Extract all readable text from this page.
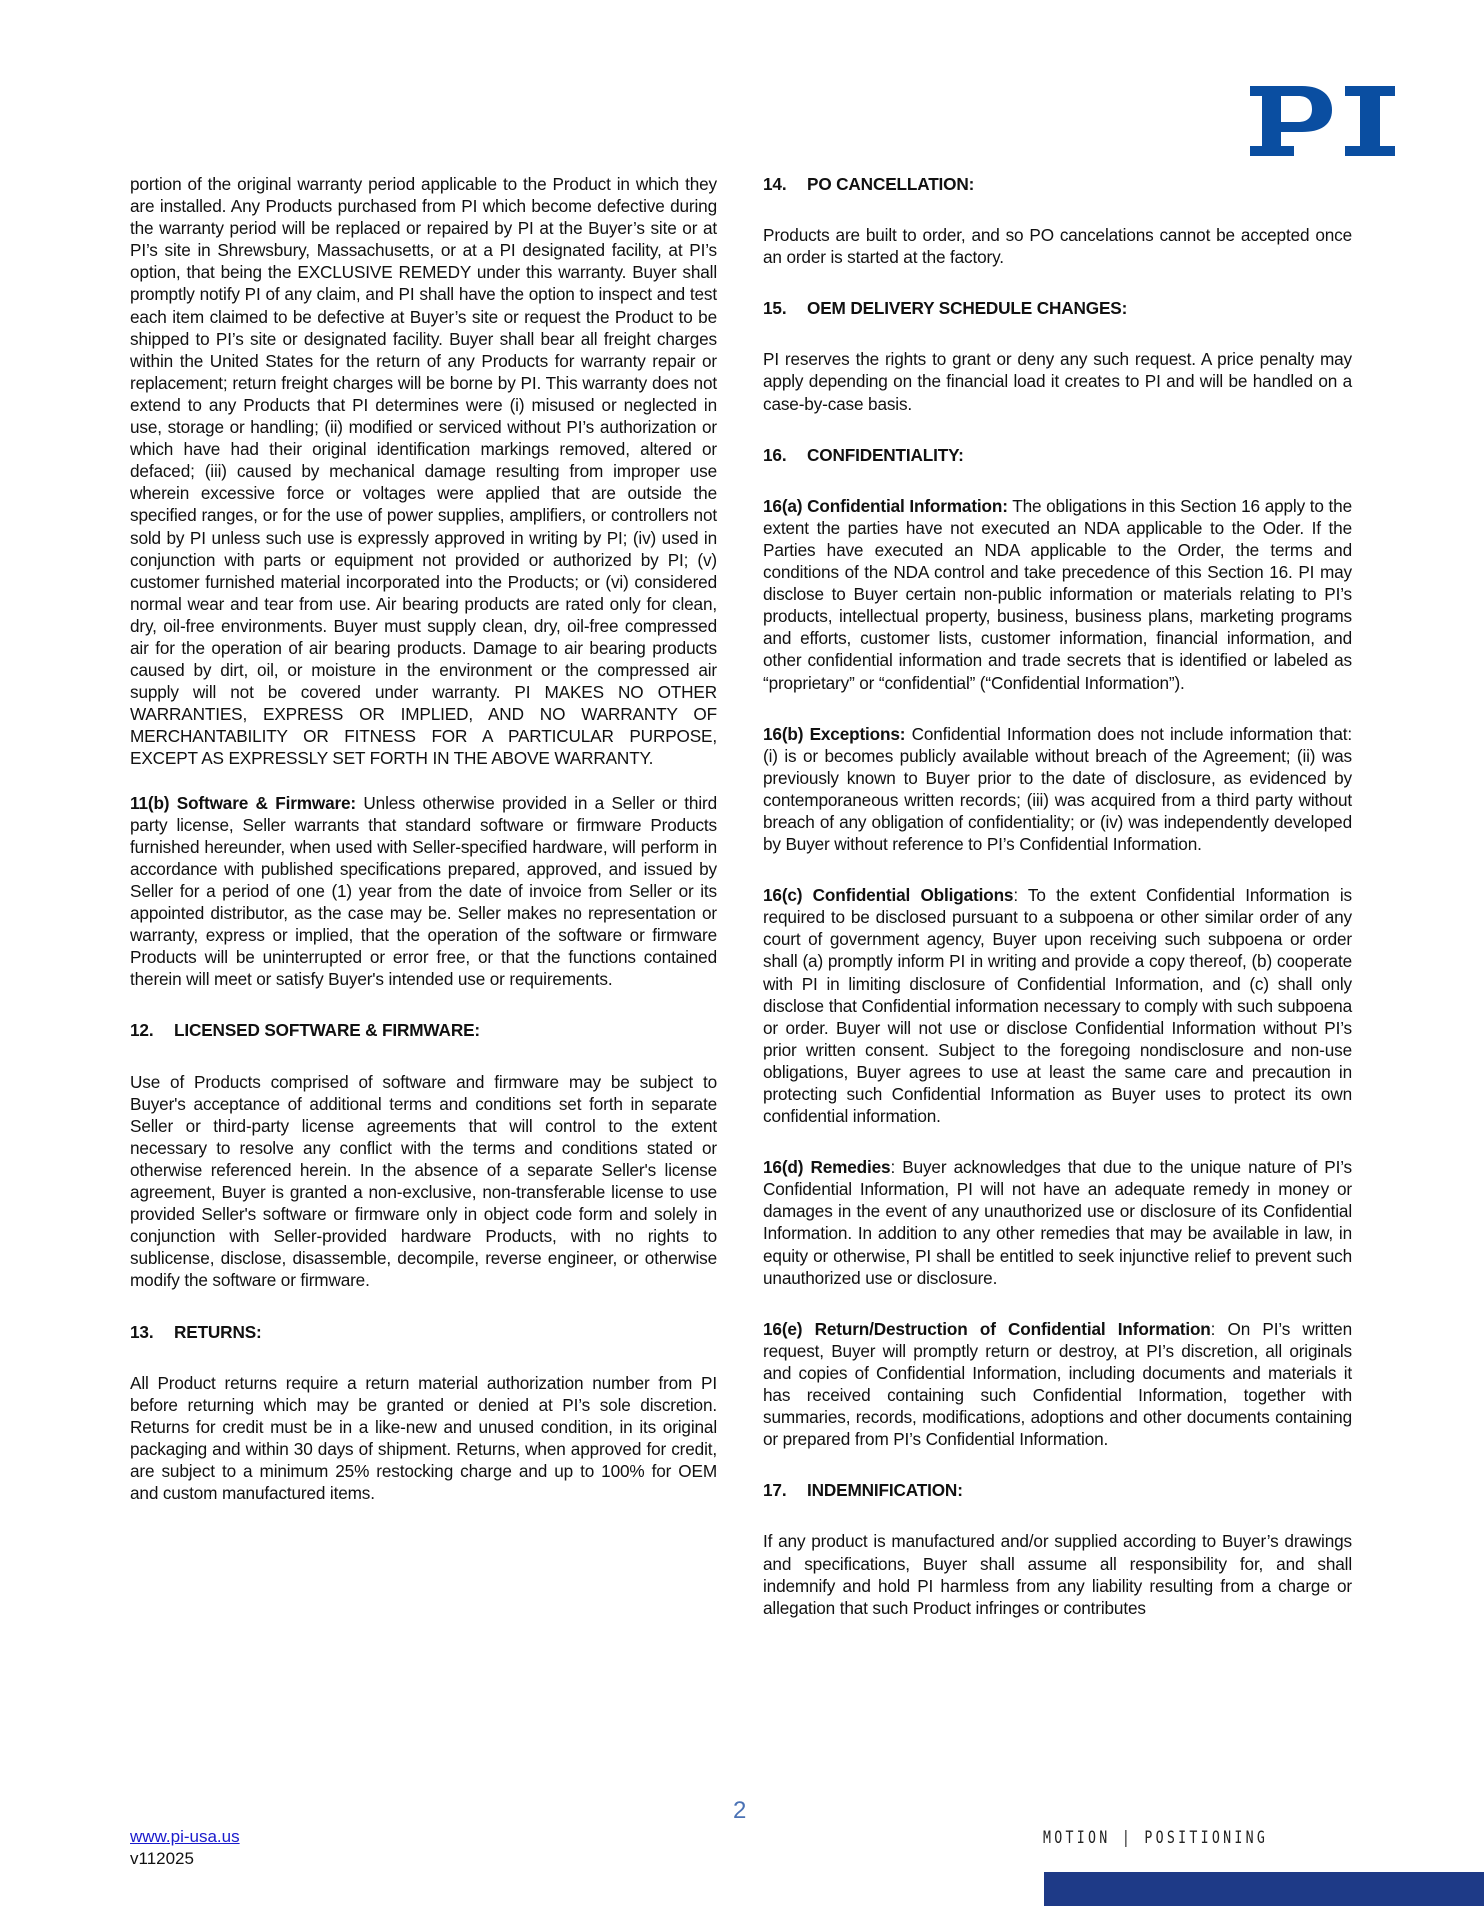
portion of the original warranty period applicable to the Product in which they are installed. Any Products purchased from PI which become defective during the warranty period will be replaced or repaired by PI at the Buyer’s site or at PI’s site in Shrewsbury, Massachusetts, or at a PI designated facility, at PI’s option, that being the EXCLUSIVE REMEDY under this warranty. Buyer shall promptly notify PI of any claim, and PI shall have the option to inspect and test each item claimed to be defective at Buyer’s site or request the Product to be shipped to PI’s site or designated facility. Buyer shall bear all freight charges within the United States for the return of any Products for warranty repair or replacement; return freight charges will be borne by PI. This warranty does not extend to any Products that PI determines were (i) misused or neglected in use, storage or handling; (ii) modified or serviced without PI’s authorization or which have had their original identification markings removed, altered or defaced; (iii) caused by mechanical damage resulting from improper use wherein excessive force or voltages were applied that are outside the specified ranges, or for the use of power supplies, amplifiers, or controllers not sold by PI unless such use is expressly approved in writing by PI; (iv) used in conjunction with parts or equipment not provided or authorized by PI; (v) customer furnished material incorporated into the Products; or (vi) considered normal wear and tear from use. Air bearing products are rated only for clean, dry, oil-free environments. Buyer must supply clean, dry, oil-free compressed air for the operation of air bearing products. Damage to air bearing products caused by dirt, oil, or moisture in the environment or the compressed air supply will not be covered under warranty. PI MAKES NO OTHER WARRANTIES, EXPRESS OR IMPLIED, AND NO WARRANTY OF MERCHANTABILITY OR FITNESS FOR A PARTICULAR PURPOSE, EXCEPT AS EXPRESSLY SET FORTH IN THE ABOVE WARRANTY.

11(b) Software & Firmware: Unless otherwise provided in a Seller or third party license, Seller warrants that standard software or firmware Products furnished hereunder, when used with Seller-specified hardware, will perform in accordance with published specifications prepared, approved, and issued by Seller for a period of one (1) year from the date of invoice from Seller or its appointed distributor, as the case may be. Seller makes no representation or warranty, express or implied, that the operation of the software or firmware Products will be uninterrupted or error free, or that the functions contained therein will meet or satisfy Buyer's intended use or requirements.

12. LICENSED SOFTWARE & FIRMWARE:

Use of Products comprised of software and firmware may be subject to Buyer's acceptance of additional terms and conditions set forth in separate Seller or third-party license agreements that will control to the extent necessary to resolve any conflict with the terms and conditions stated or otherwise referenced herein. In the absence of a separate Seller's license agreement, Buyer is granted a non-exclusive, non-transferable license to use provided Seller's software or firmware only in object code form and solely in conjunction with Seller-provided hardware Products, with no rights to sublicense, disclose, disassemble, decompile, reverse engineer, or otherwise modify the software or firmware.

13. RETURNS:

All Product returns require a return material authorization number from PI before returning which may be granted or denied at PI’s sole discretion. Returns for credit must be in a like-new and unused condition, in its original packaging and within 30 days of shipment. Returns, when approved for credit, are subject to a minimum 25% restocking charge and up to 100% for OEM and custom manufactured items.

14. PO CANCELLATION:

Products are built to order, and so PO cancelations cannot be accepted once an order is started at the factory.

15. OEM DELIVERY SCHEDULE CHANGES:

PI reserves the rights to grant or deny any such request. A price penalty may apply depending on the financial load it creates to PI and will be handled on a case-by-case basis.

16. CONFIDENTIALITY:

16(a) Confidential Information: The obligations in this Section 16 apply to the extent the parties have not executed an NDA applicable to the Oder. If the Parties have executed an NDA applicable to the Order, the terms and conditions of the NDA control and take precedence of this Section 16. PI may disclose to Buyer certain non-public information or materials relating to PI’s products, intellectual property, business, business plans, marketing programs and efforts, customer lists, customer information, financial information, and other confidential information and trade secrets that is identified or labeled as “proprietary” or “confidential” (“Confidential Information”).

16(b) Exceptions: Confidential Information does not include information that: (i) is or becomes publicly available without breach of the Agreement; (ii) was previously known to Buyer prior to the date of disclosure, as evidenced by contemporaneous written records; (iii) was acquired from a third party without breach of any obligation of confidentiality; or (iv) was independently developed by Buyer without reference to PI’s Confidential Information.

16(c) Confidential Obligations: To the extent Confidential Information is required to be disclosed pursuant to a subpoena or other similar order of any court of government agency, Buyer upon receiving such subpoena or order shall (a) promptly inform PI in writing and provide a copy thereof, (b) cooperate with PI in limiting disclosure of Confidential Information, and (c) shall only disclose that Confidential information necessary to comply with such subpoena or order. Buyer will not use or disclose Confidential Information without PI’s prior written consent. Subject to the foregoing nondisclosure and non-use obligations, Buyer agrees to use at least the same care and precaution in protecting such Confidential Information as Buyer uses to protect its own confidential information.

16(d) Remedies: Buyer acknowledges that due to the unique nature of PI’s Confidential Information, PI will not have an adequate remedy in money or damages in the event of any unauthorized use or disclosure of its Confidential Information. In addition to any other remedies that may be available in law, in equity or otherwise, PI shall be entitled to seek injunctive relief to prevent such unauthorized use or disclosure.

16(e) Return/Destruction of Confidential Information: On PI’s written request, Buyer will promptly return or destroy, at PI’s discretion, all originals and copies of Confidential Information, including documents and materials it has received containing such Confidential Information, together with summaries, records, modifications, adoptions and other documents containing or prepared from PI’s Confidential Information.

17. INDEMNIFICATION:

If any product is manufactured and/or supplied according to Buyer’s drawings and specifications, Buyer shall assume all responsibility for, and shall indemnify and hold PI harmless from any liability resulting from a charge or allegation that such Product infringes or contributes

2
www.pi-usa.us
v112025
MOTION | POSITIONING
